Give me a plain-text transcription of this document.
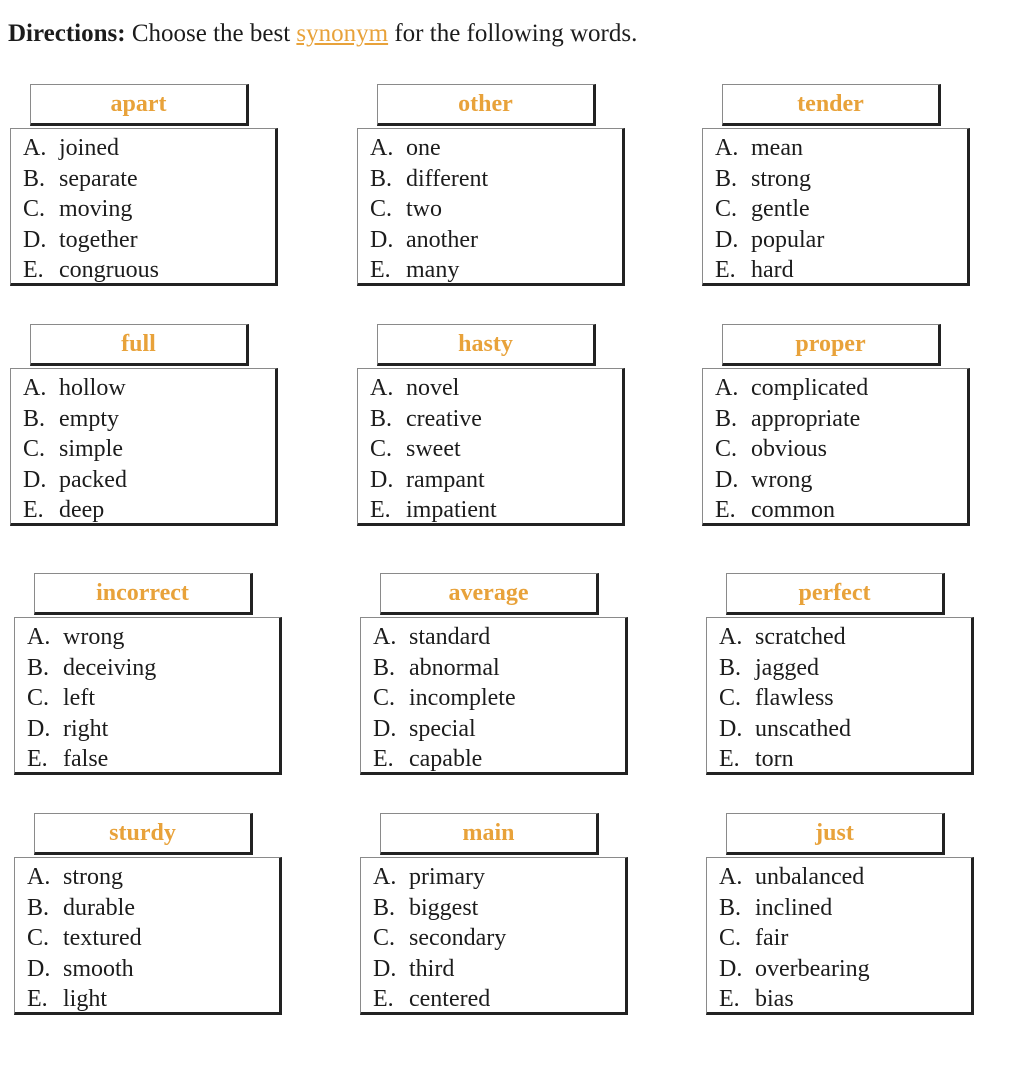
Directions: Choose the best synonym for the following words.
apart
A. joined
B. separate
C. moving
D. together
E. congruous
other
A. one
B. different
C. two
D. another
E. many
tender
A. mean
B. strong
C. gentle
D. popular
E. hard
full
A. hollow
B. empty
C. simple
D. packed
E. deep
hasty
A. novel
B. creative
C. sweet
D. rampant
E. impatient
proper
A. complicated
B. appropriate
C. obvious
D. wrong
E. common
incorrect
A. wrong
B. deceiving
C. left
D. right
E. false
average
A. standard
B. abnormal
C. incomplete
D. special
E. capable
perfect
A. scratched
B. jagged
C. flawless
D. unscathed
E. torn
sturdy
A. strong
B. durable
C. textured
D. smooth
E. light
main
A. primary
B. biggest
C. secondary
D. third
E. centered
just
A. unbalanced
B. inclined
C. fair
D. overbearing
E. bias
